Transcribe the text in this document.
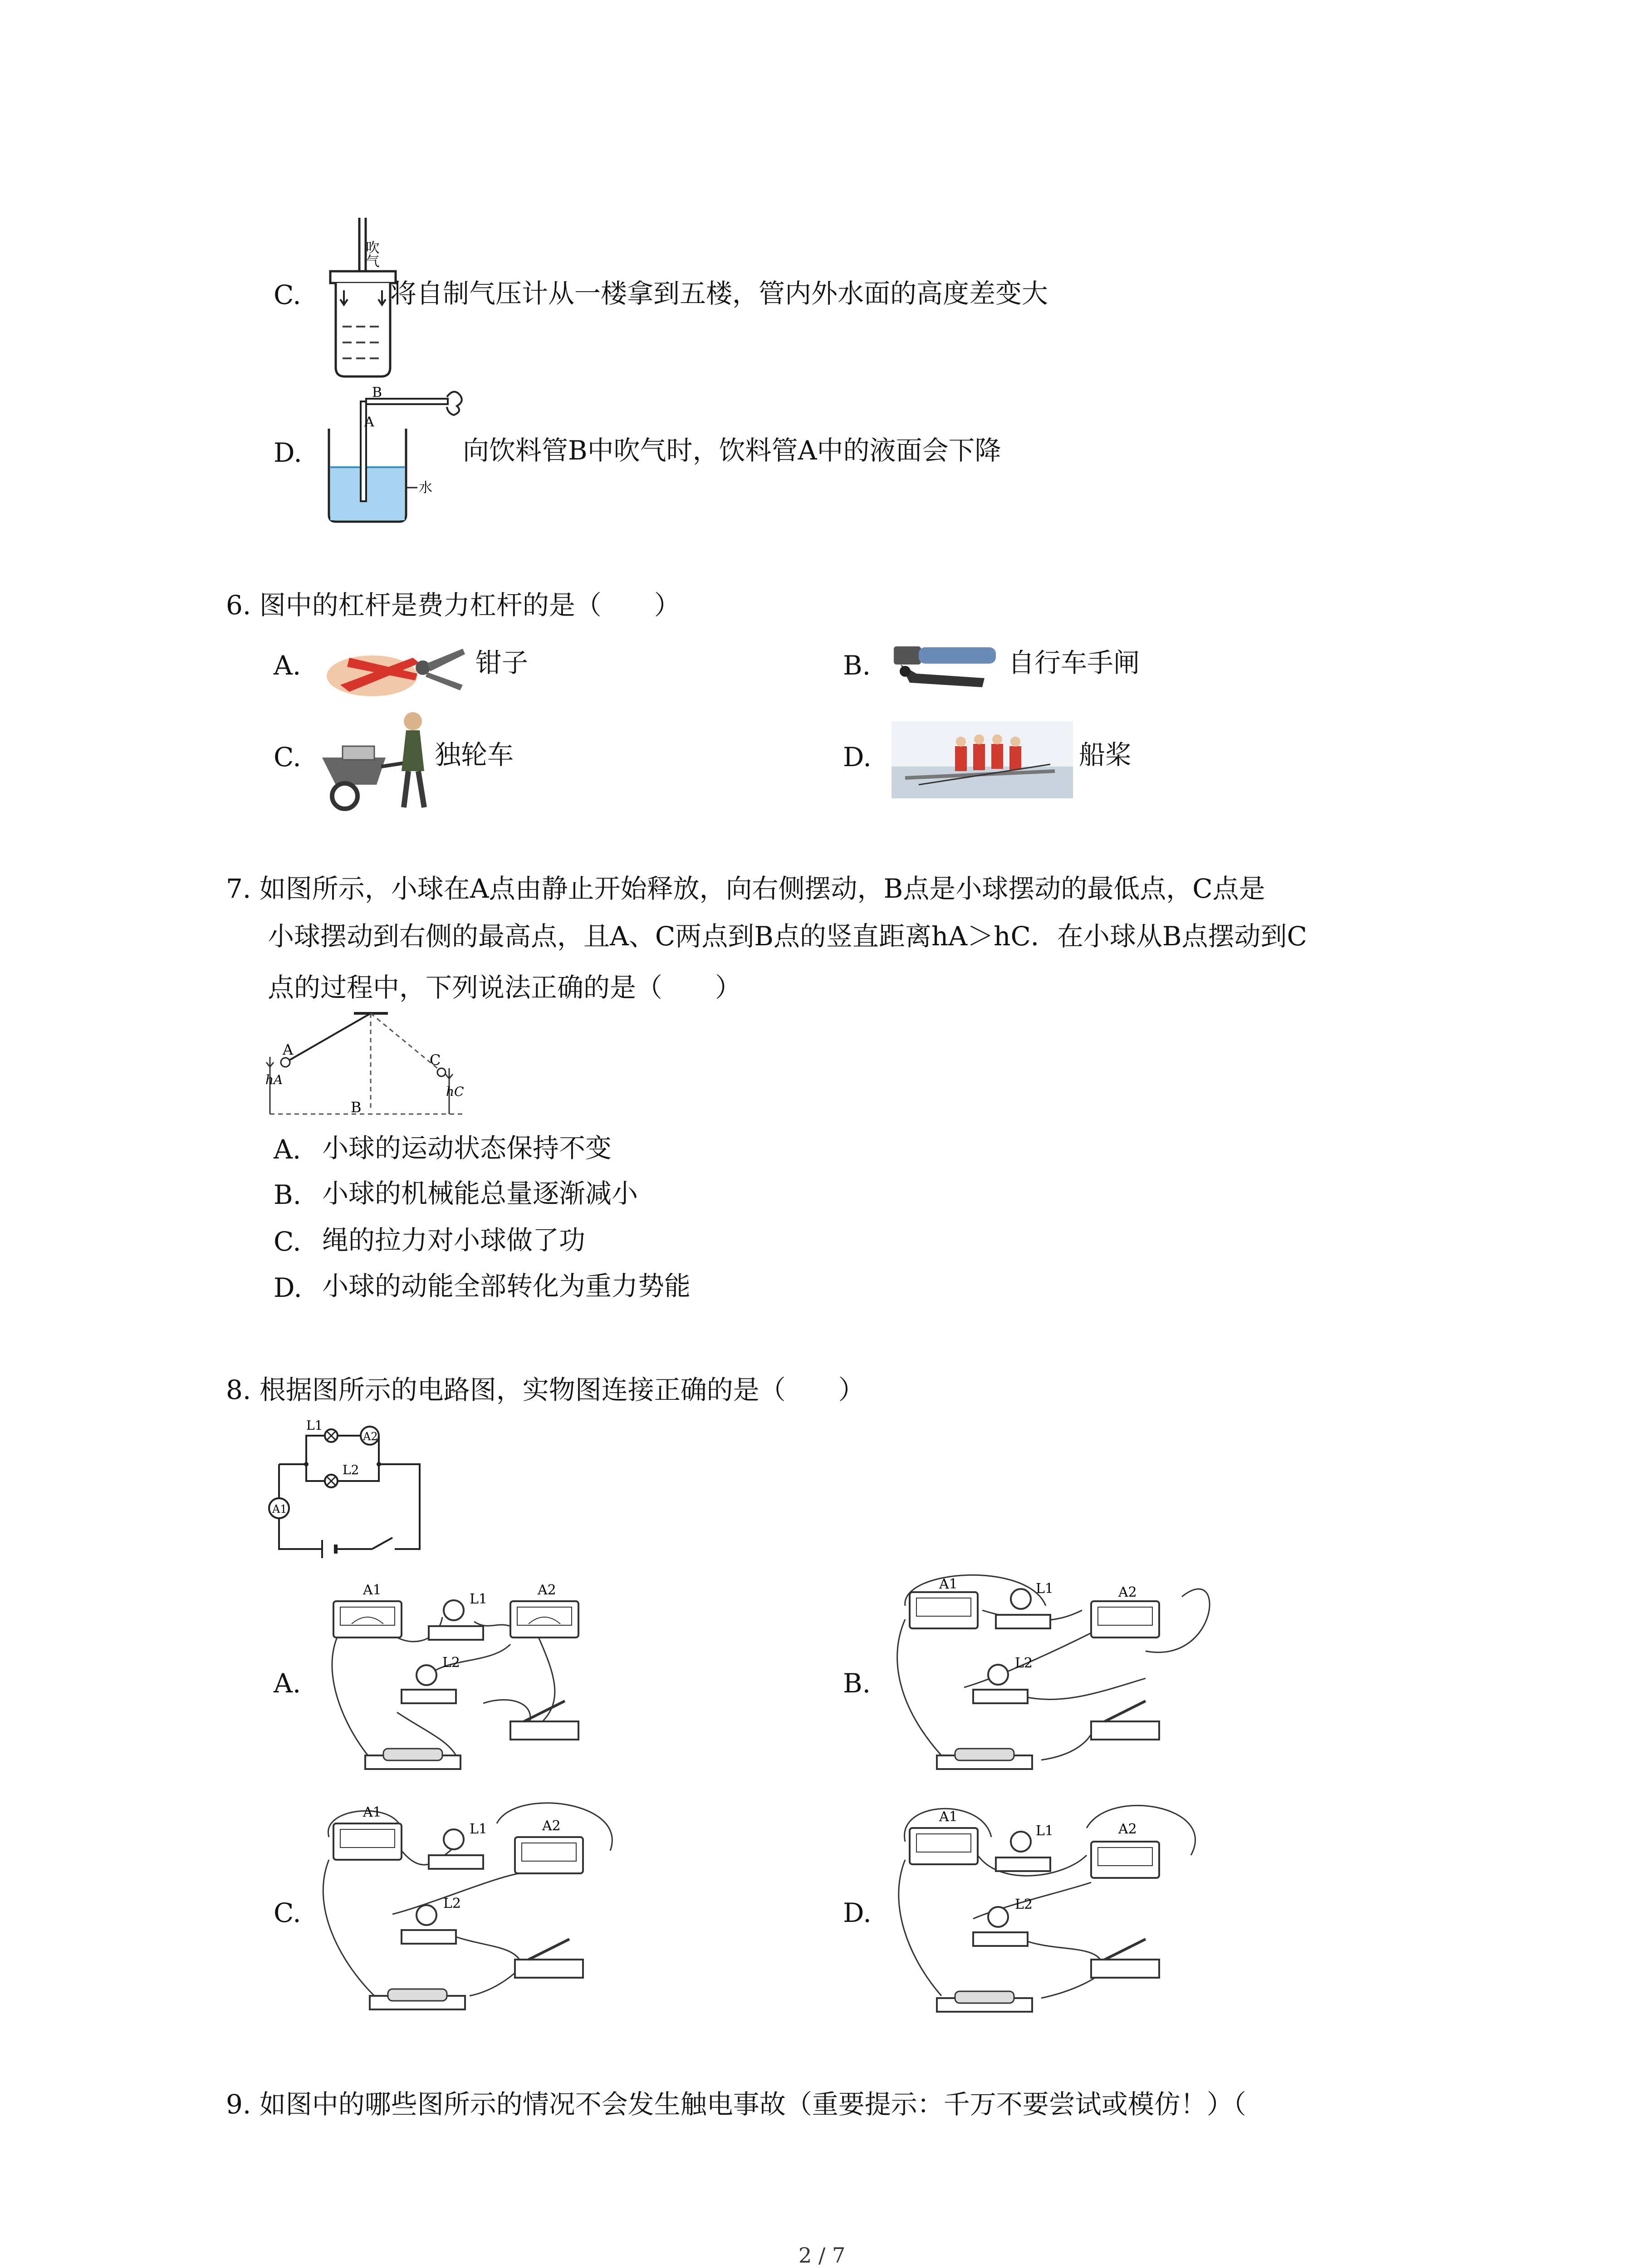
吹气
C.	将自制气压计从一楼拿到五楼，管内外水面的高度差变大
A
B
水
D.	向饮料管B中吹气时，饮料管A中的液面会下降
6. 图中的杠杆是费力杠杆的是（　　）
A.	钳子	B.	自行车手闸
C.	独轮车	D.	船桨
7. 如图所示，小球在A点由静止开始释放，向右侧摆动，B点是小球摆动的最低点，C点是
小球摆动到右侧的最高点，且A、C两点到B点的竖直距离hA＞hC．在小球从B点摆动到C
点的过程中，下列说法正确的是（　　）
A
B
C
hA
hC
A. 小球的运动状态保持不变
B. 小球的机械能总量逐渐减小
C. 绳的拉力对小球做了功
D. 小球的动能全部转化为重力势能
8. 根据图所示的电路图，实物图连接正确的是（　　）
L1
L2
A2
A1
A.
A1
L1
A2
L2
B.
A1	L1	A2
L2
C.
A1
L1	A2
L2	D.
A1
L1	A2
L2
9. 如图中的哪些图所示的情况不会发生触电事故（重要提示：千万不要尝试或模仿！）（
2 / 7
